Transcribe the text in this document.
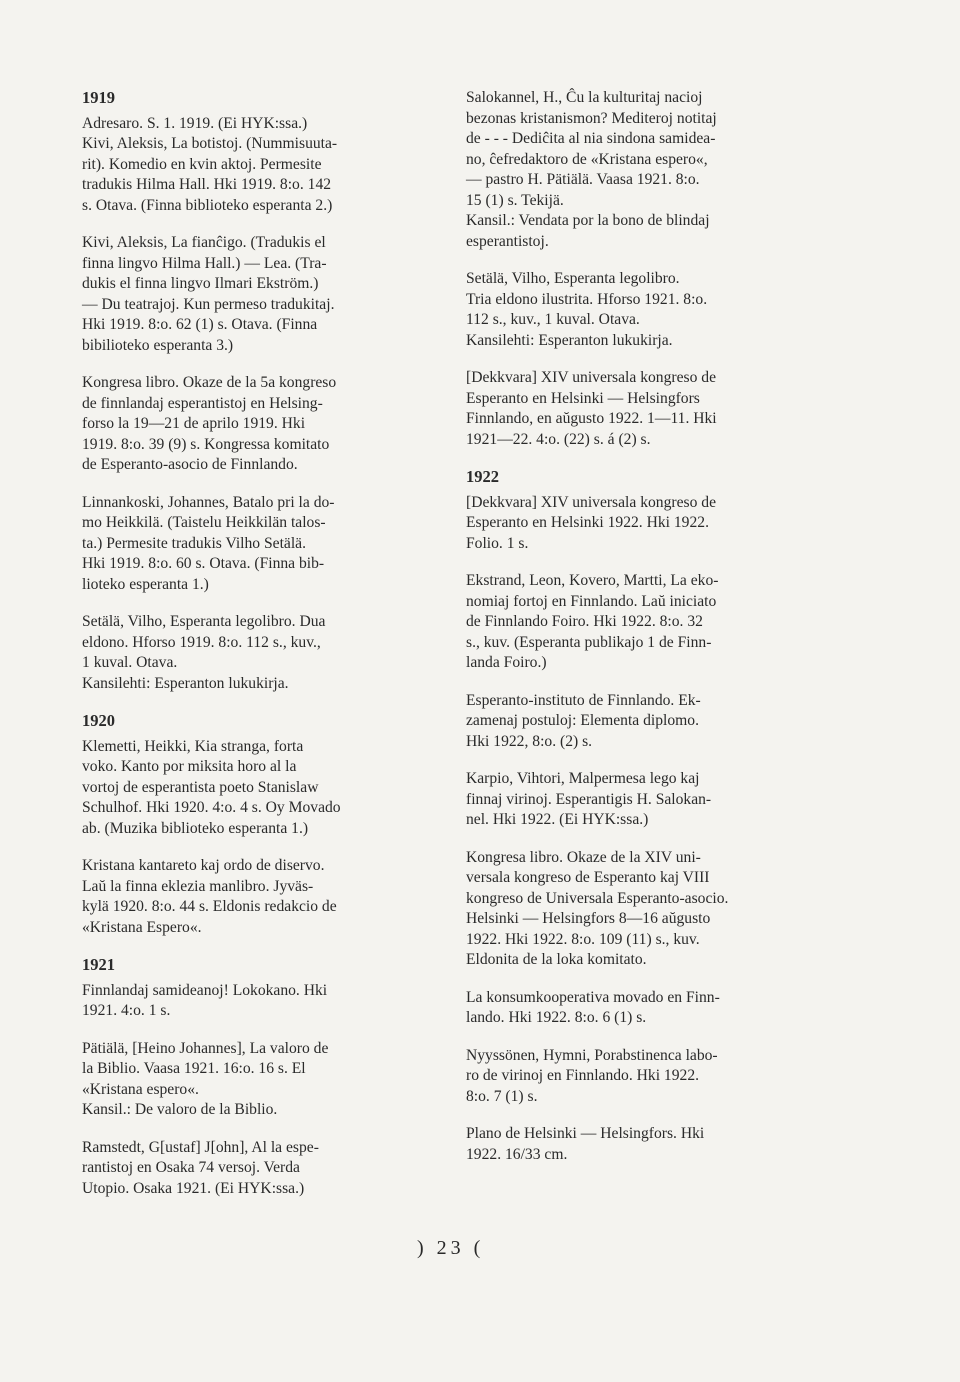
1919
Adresaro. S. 1. 1919. (Ei HYK:ssa.)
Kivi, Aleksis, La botistoj. (Nummisuuta-
rit). Komedio en kvin aktoj. Permesite
tradukis Hilma Hall. Hki 1919. 8:o. 142
s. Otava. (Finna biblioteko esperanta 2.)
Kivi, Aleksis, La fianĉigo. (Tradukis el
finna lingvo Hilma Hall.) — Lea. (Tra-
dukis el finna lingvo Ilmari Ekström.)
— Du teatrajoj. Kun permeso tradukitaj.
Hki 1919. 8:o. 62 (1) s. Otava. (Finna
bibilioteko esperanta 3.)
Kongresa libro. Okaze de la 5a kongreso
de finnlandaj esperantistoj en Helsing-
forso la 19—21 de aprilo 1919. Hki
1919. 8:o. 39 (9) s. Kongressa komitato
de Esperanto-asocio de Finnlando.
Linnankoski, Johannes, Batalo pri la do-
mo Heikkilä. (Taistelu Heikkilän talos-
ta.) Permesite tradukis Vilho Setälä.
Hki 1919. 8:o. 60 s. Otava. (Finna bib-
lioteko esperanta 1.)
Setälä, Vilho, Esperanta legolibro. Dua
eldono. Hforso 1919. 8:o. 112 s., kuv.,
1 kuval. Otava.
Kansilehti: Esperanton lukukirja.
1920
Klemetti, Heikki, Kia stranga, forta
voko. Kanto por miksita horo al la
vortoj de esperantista poeto Stanislaw
Schulhof. Hki 1920. 4:o. 4 s. Oy Movado
ab. (Muzika biblioteko esperanta 1.)
Kristana kantareto kaj ordo de diservo.
Laŭ la finna eklezia manlibro. Jyväs-
kylä 1920. 8:o. 44 s. Eldonis redakcio de
«Kristana Espero«.
1921
Finnlandaj samideanoj! Lokokano. Hki
1921. 4:o. 1 s.
Pätiälä, [Heino Johannes], La valoro de
la Biblio. Vaasa 1921. 16:o. 16 s. El
«Kristana espero«.
Kansil.: De valoro de la Biblio.
Ramstedt, G[ustaf] J[ohn], Al la espe-
rantistoj en Osaka 74 versoj. Verda
Utopio. Osaka 1921. (Ei HYK:ssa.)
Salokannel, H., Ĉu la kulturitaj nacioj
bezonas kristanismon? Mediteroj notitaj
de - - - Dediĉita al nia sindona samidea-
no, ĉefredaktoro de «Kristana espero«,
— pastro H. Pätiälä. Vaasa 1921. 8:o.
15 (1) s. Tekijä.
Kansil.: Vendata por la bono de blindaj
esperantistoj.
Setälä, Vilho, Esperanta legolibro.
Tria eldono ilustrita. Hforso 1921. 8:o.
112 s., kuv., 1 kuval. Otava.
Kansilehti: Esperanton lukukirja.
[Dekkvara] XIV universala kongreso de
Esperanto en Helsinki — Helsingfors
Finnlando, en aŭgusto 1922. 1—11. Hki
1921—22. 4:o. (22) s. á (2) s.
1922
[Dekkvara] XIV universala kongreso de
Esperanto en Helsinki 1922. Hki 1922.
Folio. 1 s.
Ekstrand, Leon, Kovero, Martti, La eko-
nomiaj fortoj en Finnlando. Laŭ iniciato
de Finnlando Foiro. Hki 1922. 8:o. 32
s., kuv. (Esperanta publikajo 1 de Finn-
landa Foiro.)
Esperanto-instituto de Finnlando. Ek-
zamenaj postuloj: Elementa diplomo.
Hki 1922, 8:o. (2) s.
Karpio, Vihtori, Malpermesa lego kaj
finnaj virinoj. Esperantigis H. Salokan-
nel. Hki 1922. (Ei HYK:ssa.)
Kongresa libro. Okaze de la XIV uni-
versala kongreso de Esperanto kaj VIII
kongreso de Universala Esperanto-asocio.
Helsinki — Helsingfors 8—16 aŭgusto
1922. Hki 1922. 8:o. 109 (11) s., kuv.
Eldonita de la loka komitato.
La konsumkooperativa movado en Finn-
lando. Hki 1922. 8:o. 6 (1) s.
Nyyssönen, Hymni, Porabstinenca labo-
ro de virinoj en Finnlando. Hki 1922.
8:o. 7 (1) s.
Plano de Helsinki — Helsingfors. Hki
1922. 16/33 cm.
) 23 (
